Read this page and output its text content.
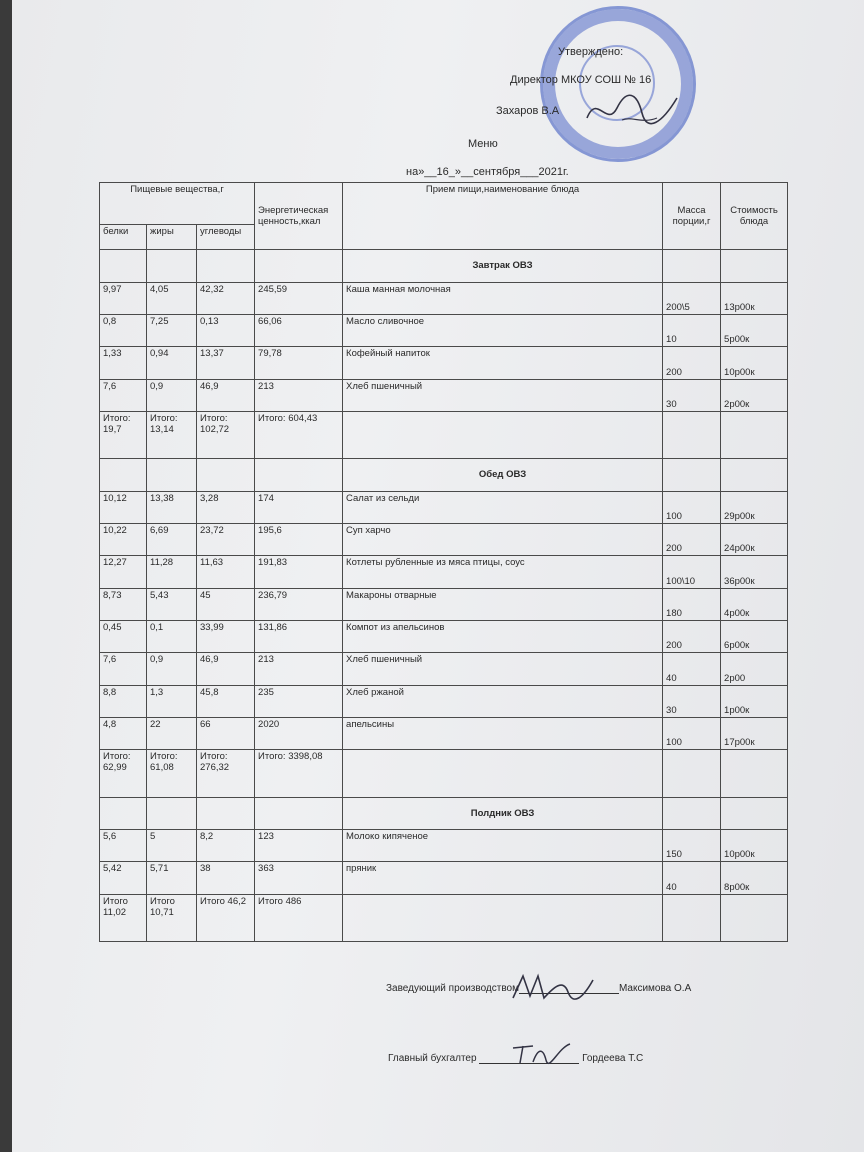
Утверждено:
Директор МКОУ СОШ № 16
Захаров В.А
Меню
на»__16_»__сентября___2021г.
Пищевые вещества,г			Энергетическая ценность,ккал	Прием пищи,наименование блюда	Масса порции,г	Стоимость блюда
белки	жиры	углеводы				
				Завтрак ОВЗ		
9,97	4,05	42,32	245,59	Каша манная молочная	200\5	13р00к
0,8	7,25	0,13	66,06	Масло сливочное	10	5р00к
1,33	0,94	13,37	79,78	Кофейный напиток	200	10р00к
7,6	0,9	46,9	213	Хлеб пшеничный	30	2р00к
Итого: 19,7	Итого: 13,14	Итого: 102,72	Итого: 604,43			
				Обед ОВЗ		
10,12	13,38	3,28	174	Салат из сельди	100	29р00к
10,22	6,69	23,72	195,6	Суп харчо	200	24р00к
12,27	11,28	11,63	191,83	Котлеты рубленные из мяса птицы, соус	100\10	36р00к
8,73	5,43	45	236,79	Макароны отварные	180	4р00к
0,45	0,1	33,99	131,86	Компот из апельсинов	200	6р00к
7,6	0,9	46,9	213	Хлеб пшеничный	40	2р00
8,8	1,3	45,8	235	Хлеб ржаной	30	1р00к
4,8	22	66	2020	апельсины	100	17р00к
Итого: 62,99	Итого: 61,08	Итого: 276,32	Итого: 3398,08			
				Полдник ОВЗ		
5,6	5	8,2	123	Молоко кипяченое	150	10р00к
5,42	5,71	38	363	пряник	40	8р00к
Итого 11,02	Итого 10,71	Итого 46,2	Итого 486			
Заведующий производством	Максимова О.А
Главный бухгалтер	Гордеева Т.С
